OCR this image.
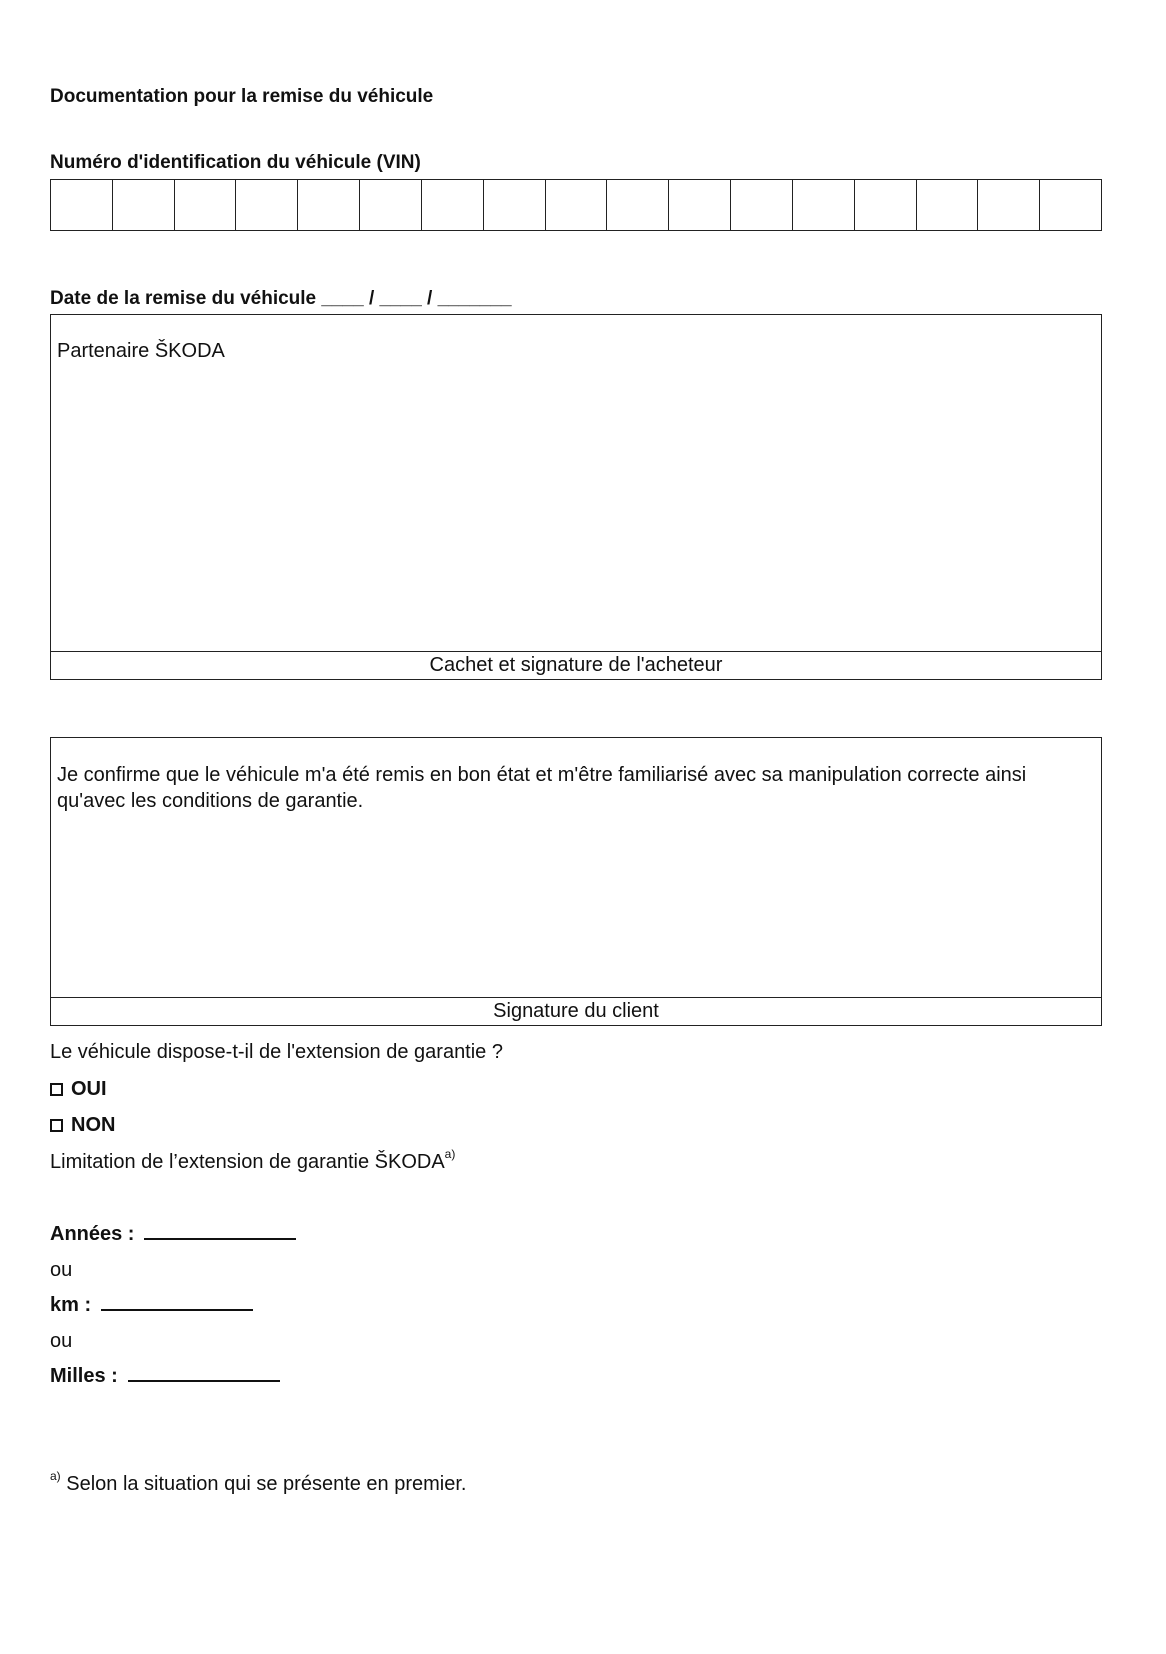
Documentation pour la remise du véhicule
Numéro d'identification du véhicule (VIN)
Date de la remise du véhicule ____ / ____ / _______
Partenaire ŠKODA
Cachet et signature de l'acheteur
Je confirme que le véhicule m'a été remis en bon état et m'être familiarisé avec sa manipulation correcte ainsi qu'avec les conditions de garantie.
Signature du client
Le véhicule dispose-t-il de l'extension de garantie ?
OUI
NON
Limitation de l’extension de garantie ŠKODA$^{a)}$
Années :
ou
km :
ou
Milles :
$^{a)}$ Selon la situation qui se présente en premier.
